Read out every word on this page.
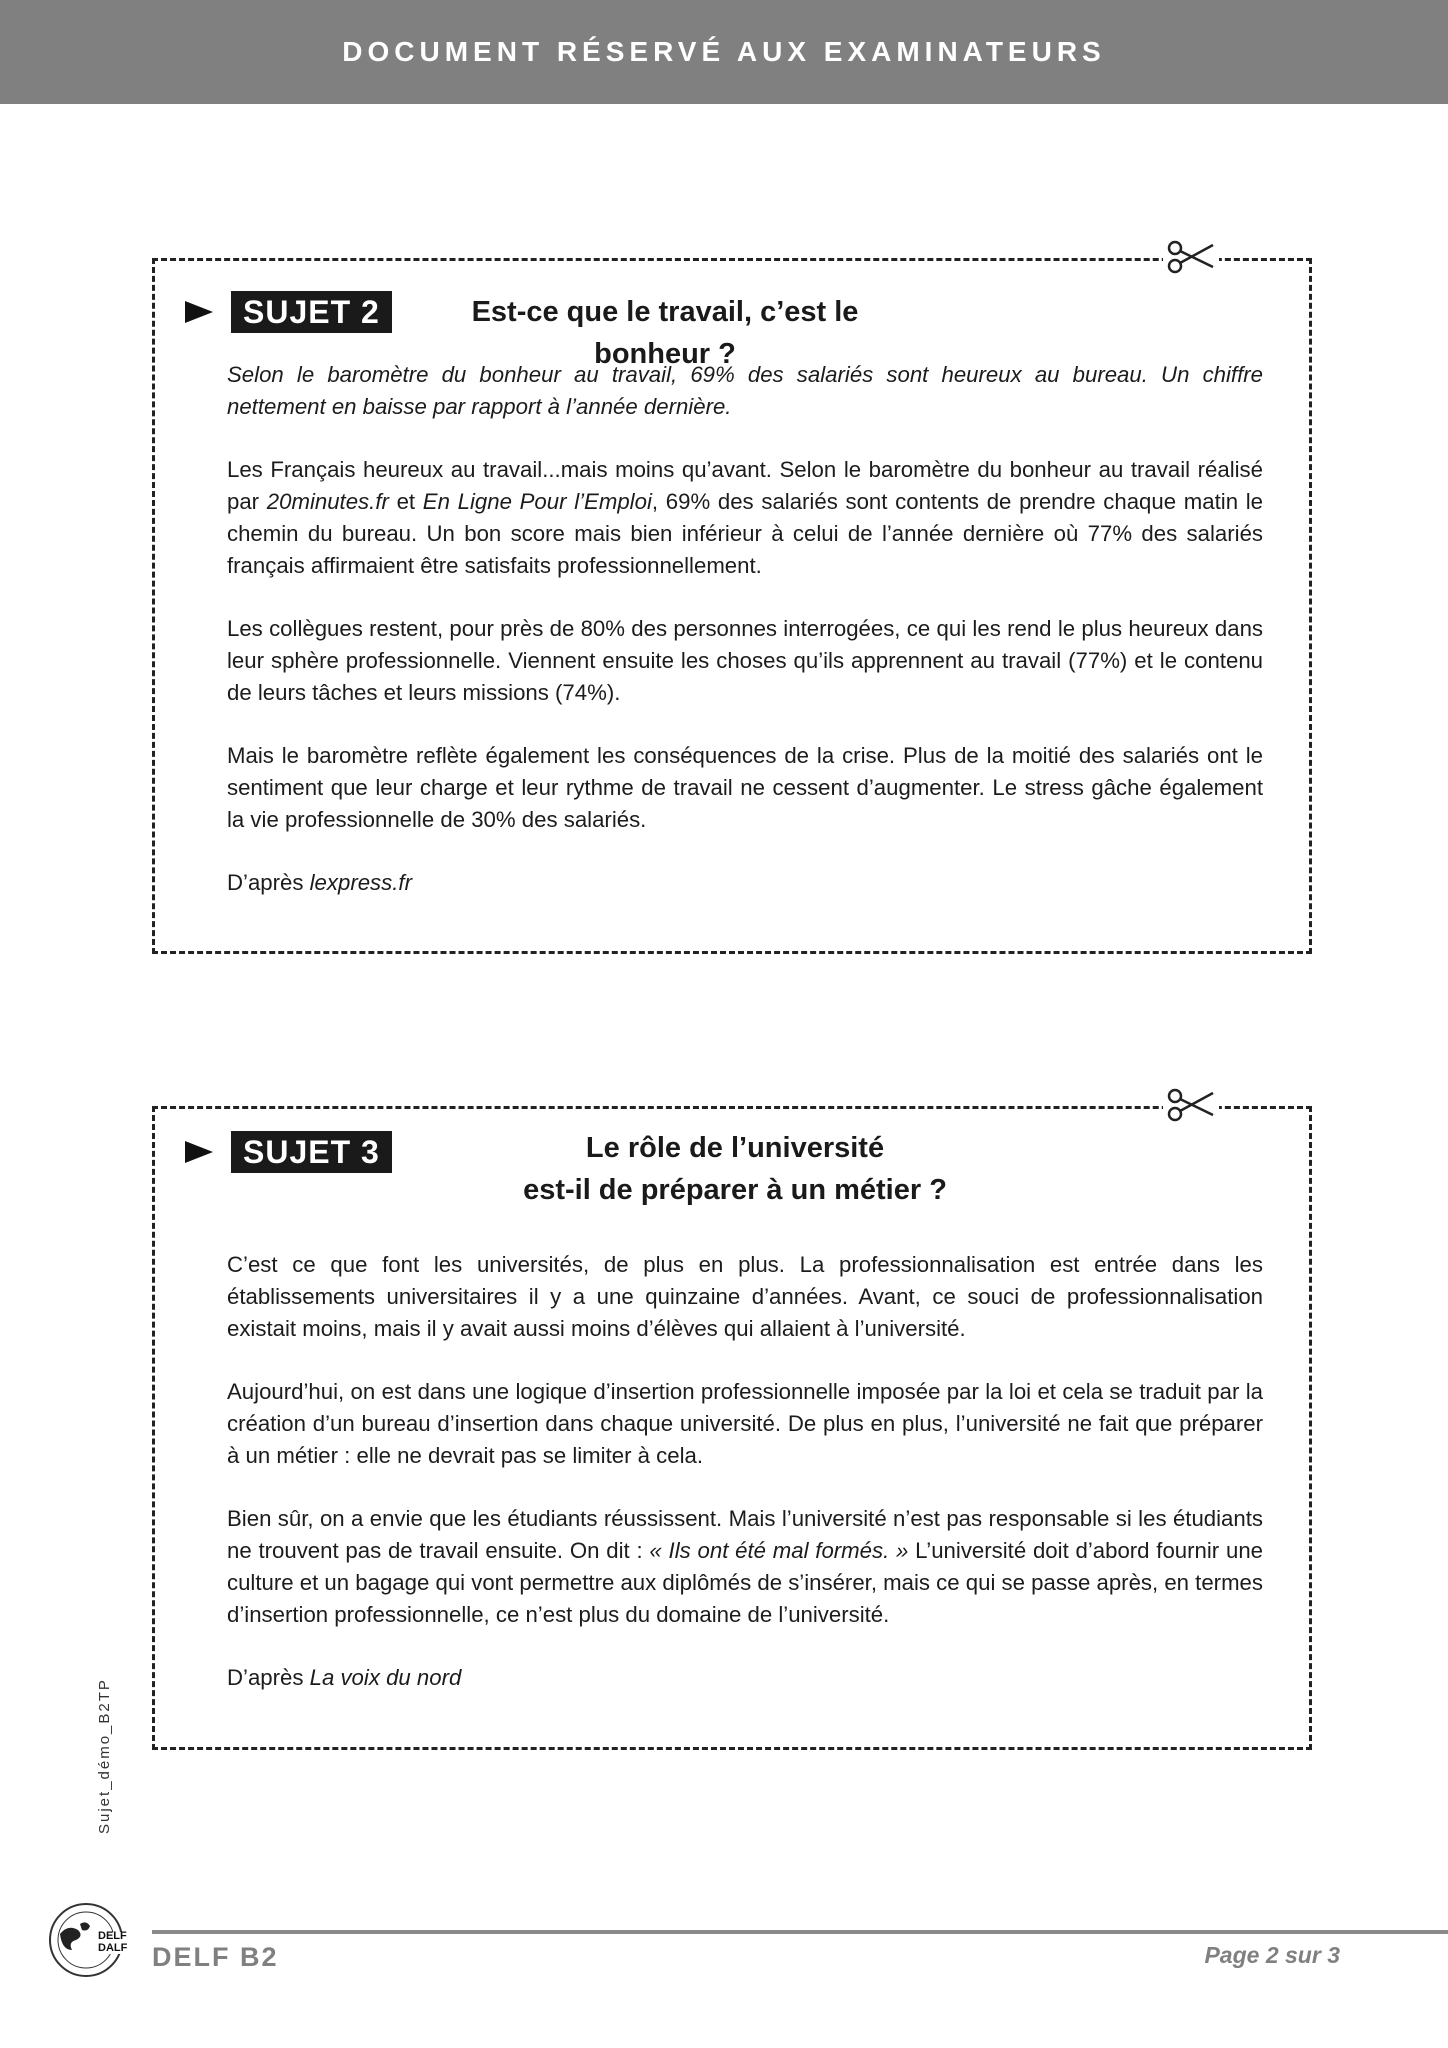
DOCUMENT RÉSERVÉ AUX EXAMINATEURS
SUJET 2	Est-ce que le travail, c’est le bonheur ?

Selon le baromètre du bonheur au travail, 69% des salariés sont heureux au bureau. Un chiffre nettement en baisse par rapport à l’année dernière.

Les Français heureux au travail...mais moins qu’avant. Selon le baromètre du bonheur au travail réalisé par 20minutes.fr et En Ligne Pour l’Emploi, 69% des salariés sont contents de prendre chaque matin le chemin du bureau. Un bon score mais bien inférieur à celui de l’année dernière où 77% des salariés français affirmaient être satisfaits professionnellement.

Les collègues restent, pour près de 80% des personnes interrogées, ce qui les rend le plus heureux dans leur sphère professionnelle. Viennent ensuite les choses qu’ils apprennent au travail (77%) et le contenu de leurs tâches et leurs missions (74%).

Mais le baromètre reflète également les conséquences de la crise. Plus de la moitié des salariés ont le sentiment que leur charge et leur rythme de travail ne cessent d’augmenter. Le stress gâche également la vie professionnelle de 30% des salariés.

D’après lexpress.fr

SUJET 3	Le rôle de l’université
est-il de préparer à un métier ?

C’est ce que font les universités, de plus en plus. La professionnalisation est entrée dans les établissements universitaires il y a une quinzaine d’années. Avant, ce souci de professionnalisation existait moins, mais il y avait aussi moins d’élèves qui allaient à l’université.

Aujourd’hui, on est dans une logique d’insertion professionnelle imposée par la loi et cela se traduit par la création d’un bureau d’insertion dans chaque université. De plus en plus, l’université ne fait que préparer à un métier : elle ne devrait pas se limiter à cela.

Bien sûr, on a envie que les étudiants réussissent. Mais l’université n’est pas responsable si les étudiants ne trouvent pas de travail ensuite. On dit : « Ils ont été mal formés. » L’université doit d’abord fournir une culture et un bagage qui vont permettre aux diplômés de s’insérer, mais ce qui se passe après, en termes d’insertion professionnelle, ce n’est plus du domaine de l’université.

D’après La voix du nord

Sujet_démo_B2TP
DELF
DALF DELF B2	Page 2 sur 3
